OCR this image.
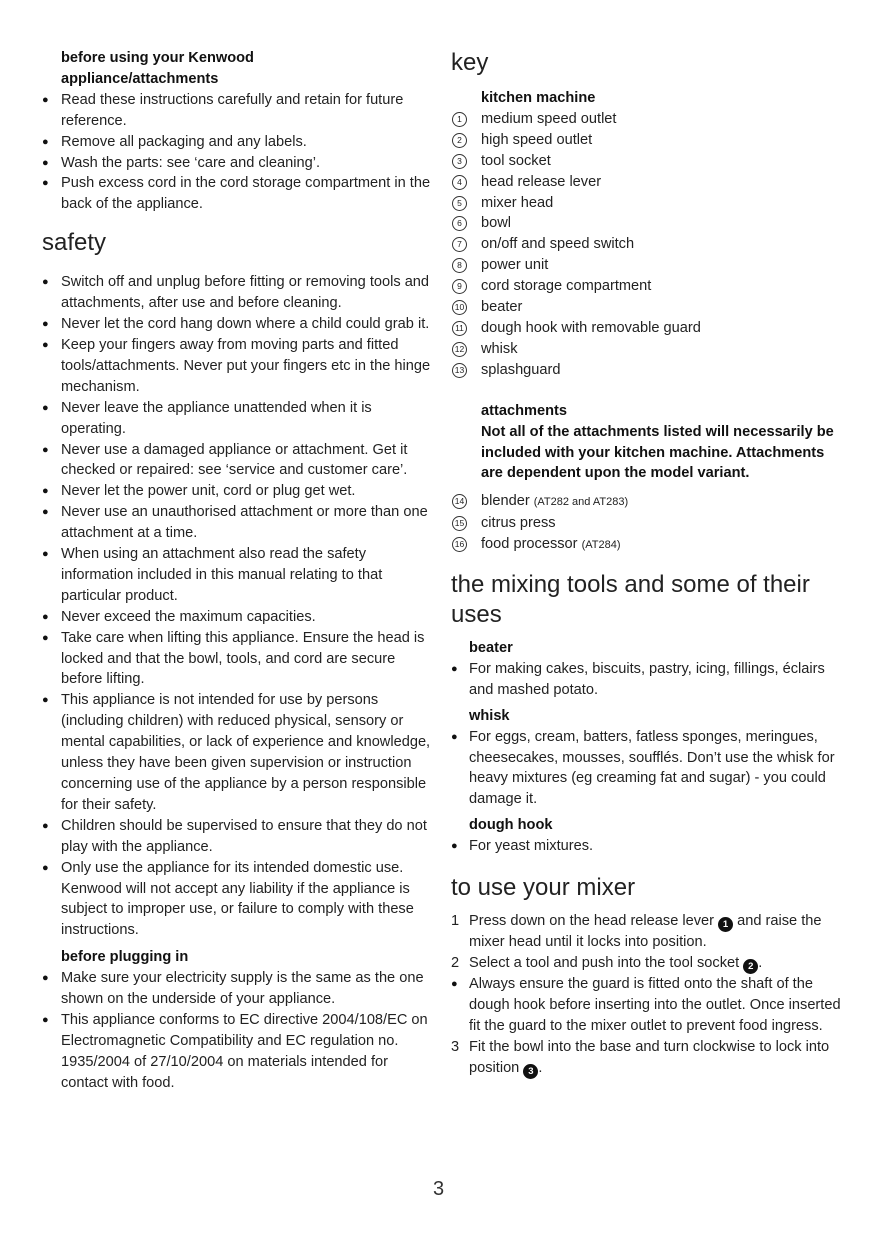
before using your Kenwood appliance/attachments
● Read these instructions carefully and retain for future reference.
● Remove all packaging and any labels.
● Wash the parts: see ‘care and cleaning’.
● Push excess cord in the cord storage compartment in the back of the appliance.
safety
● Switch off and unplug before fitting or removing tools and attachments, after use and before cleaning.
● Never let the cord hang down where a child could grab it.
● Keep your fingers away from moving parts and fitted tools/attachments. Never put your fingers etc in the hinge mechanism.
● Never leave the appliance unattended when it is operating.
● Never use a damaged appliance or attachment. Get it checked or repaired: see ‘service and customer care’.
● Never let the power unit, cord or plug get wet.
● Never use an unauthorised attachment or more than one attachment at a time.
● When using an attachment also read the safety information included in this manual relating to that particular product.
● Never exceed the maximum capacities.
● Take care when lifting this appliance. Ensure the head is locked and that the bowl, tools, and cord are secure before lifting.
● This appliance is not intended for use by persons (including children) with reduced physical, sensory or mental capabilities, or lack of experience and knowledge, unless they have been given supervision or instruction concerning use of the appliance by a person responsible for their safety.
● Children should be supervised to ensure that they do not play with the appliance.
● Only use the appliance for its intended domestic use. Kenwood will not accept any liability if the appliance is subject to improper use, or failure to comply with these instructions.
before plugging in
● Make sure your electricity supply is the same as the one shown on the underside of your appliance.
● This appliance conforms to EC directive 2004/108/EC on Electromagnetic Compatibility and EC regulation no. 1935/2004 of 27/10/2004 on materials intended for contact with food.
key
kitchen machine
1	medium speed outlet
2	high speed outlet
3	tool socket
4	head release lever
5	mixer head
6	bowl
7	on/off and speed switch
8	power unit
9	cord storage compartment
10 beater
11 dough hook with removable guard
12 whisk
13 splashguard
attachments
Not all of the attachments listed will necessarily be included with your kitchen machine. Attachments are dependent upon the model variant.
14 blender (AT282 and AT283)
15 citrus press
16 food processor (AT284)
the mixing tools and some of their uses
beater
● For making cakes, biscuits, pastry, icing, fillings, éclairs and mashed potato.
whisk
● For eggs, cream, batters, fatless sponges, meringues, cheesecakes, mousses, soufflés. Don’t use the whisk for heavy mixtures (eg creaming fat and sugar) - you could damage it.
dough hook
● For yeast mixtures.
to use your mixer
1 Press down on the head release lever 1 and raise the mixer head until it locks into position.
2 Select a tool and push into the tool socket 2 .
● Always ensure the guard is fitted onto the shaft of the dough hook before inserting into the outlet. Once inserted fit the guard to the mixer outlet to prevent food ingress.
3 Fit the bowl into the base and turn clockwise to lock into position 3 .
3
